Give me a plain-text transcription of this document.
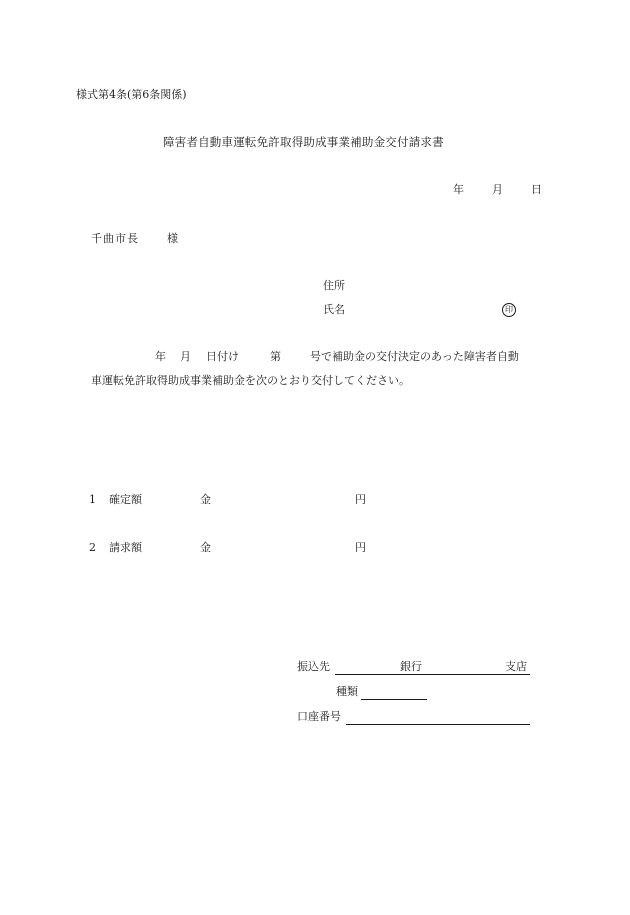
様式第4条(第6条関係)
障害者自動車運転免許取得助成事業補助金交付請求書
年	月	日
千曲市長	様
住所
氏名	印
年 月 日付け	第	号で補助金の交付決定のあった障害者自動
車運転免許取得助成事業補助金を次のとおり交付してください。
1 確定額	金	円
2 請求額	金	円
振込先	銀行	支店
種類
口座番号
